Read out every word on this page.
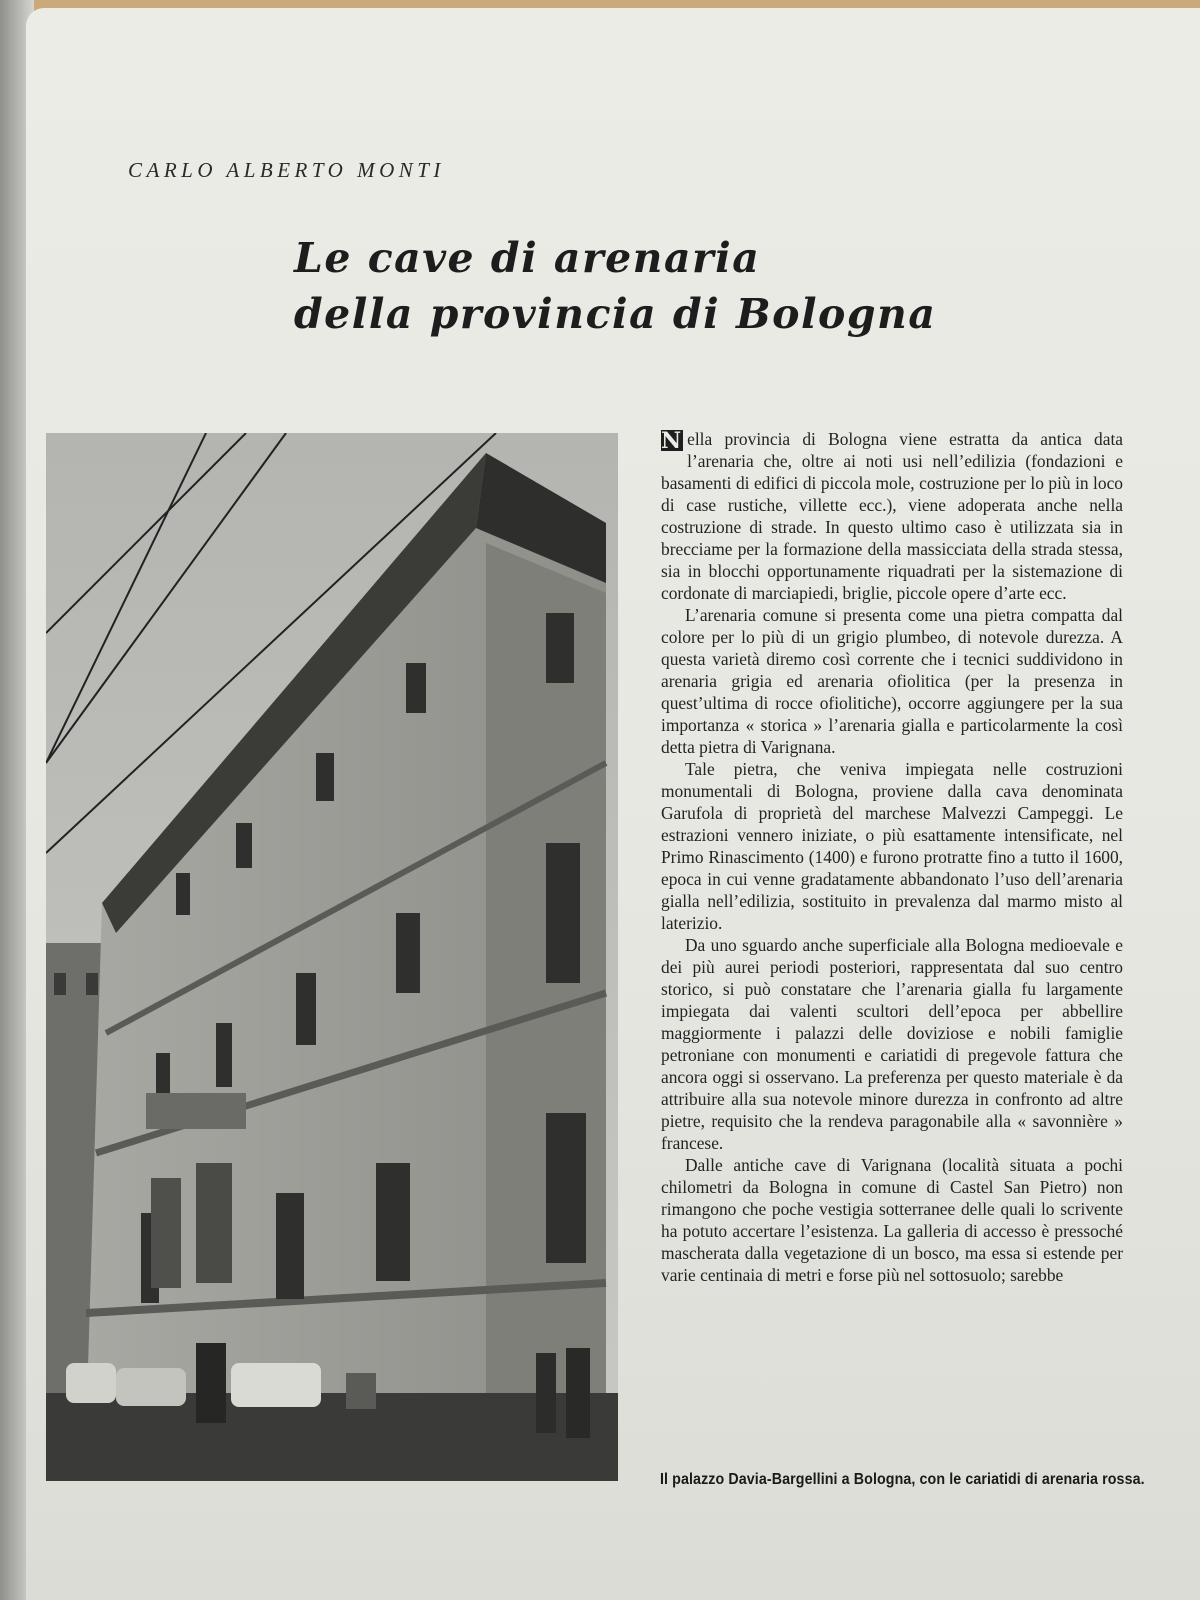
CARLO ALBERTO MONTI

Le cave di arenaria
della provincia di Bologna

N ella provincia di Bologna viene estratta da antica data l’arenaria che, oltre ai noti usi nell’edilizia (fondazioni e basamenti di edifici di piccola mole, costruzione per lo più in loco di case rustiche, villette ecc.), viene adoperata anche nella costruzione di strade. In questo ultimo caso è utilizzata sia in brecciame per la formazione della massicciata della strada stessa, sia in blocchi opportunamente riquadrati per la sistemazione di cordonate di marciapiedi, briglie, piccole opere d’arte ecc.

L’arenaria comune si presenta come una pietra compatta dal colore per lo più di un grigio plumbeo, di notevole durezza. A questa varietà diremo così corrente che i tecnici suddividono in arenaria grigia ed arenaria ofiolitica (per la presenza in quest’ultima di rocce ofiolitiche), occorre aggiungere per la sua importanza « storica » l’arenaria gialla e particolarmente la così detta pietra di Varignana.

Tale pietra, che veniva impiegata nelle costruzioni monumentali di Bologna, proviene dalla cava denominata Garufola di proprietà del marchese Malvezzi Campeggi. Le estrazioni vennero iniziate, o più esattamente intensificate, nel Primo Rinascimento (1400) e furono protratte fino a tutto il 1600, epoca in cui venne gradatamente abbandonato l’uso dell’arenaria gialla nell’edilizia, sostituito in prevalenza dal marmo misto al laterizio.

Da uno sguardo anche superficiale alla Bologna medioevale e dei più aurei periodi posteriori, rappresentata dal suo centro storico, si può constatare che l’arenaria gialla fu largamente impiegata dai valenti scultori dell’epoca per abbellire maggiormente i palazzi delle doviziose e nobili famiglie petroniane con monumenti e cariatidi di pregevole fattura che ancora oggi si osservano. La preferenza per questo materiale è da attribuire alla sua notevole minore durezza in confronto ad altre pietre, requisito che la rendeva paragonabile alla « savonnière » francese.

Dalle antiche cave di Varignana (località situata a pochi chilometri da Bologna in comune di Castel San Pietro) non rimangono che poche vestigia sotterranee delle quali lo scrivente ha potuto accertare l’esistenza. La galleria di accesso è pressoché mascherata dalla vegetazione di un bosco, ma essa si estende per varie centinaia di metri e forse più nel sottosuolo; sarebbe

Il palazzo Davia-Bargellini a Bologna, con le cariatidi di arenaria rossa.
